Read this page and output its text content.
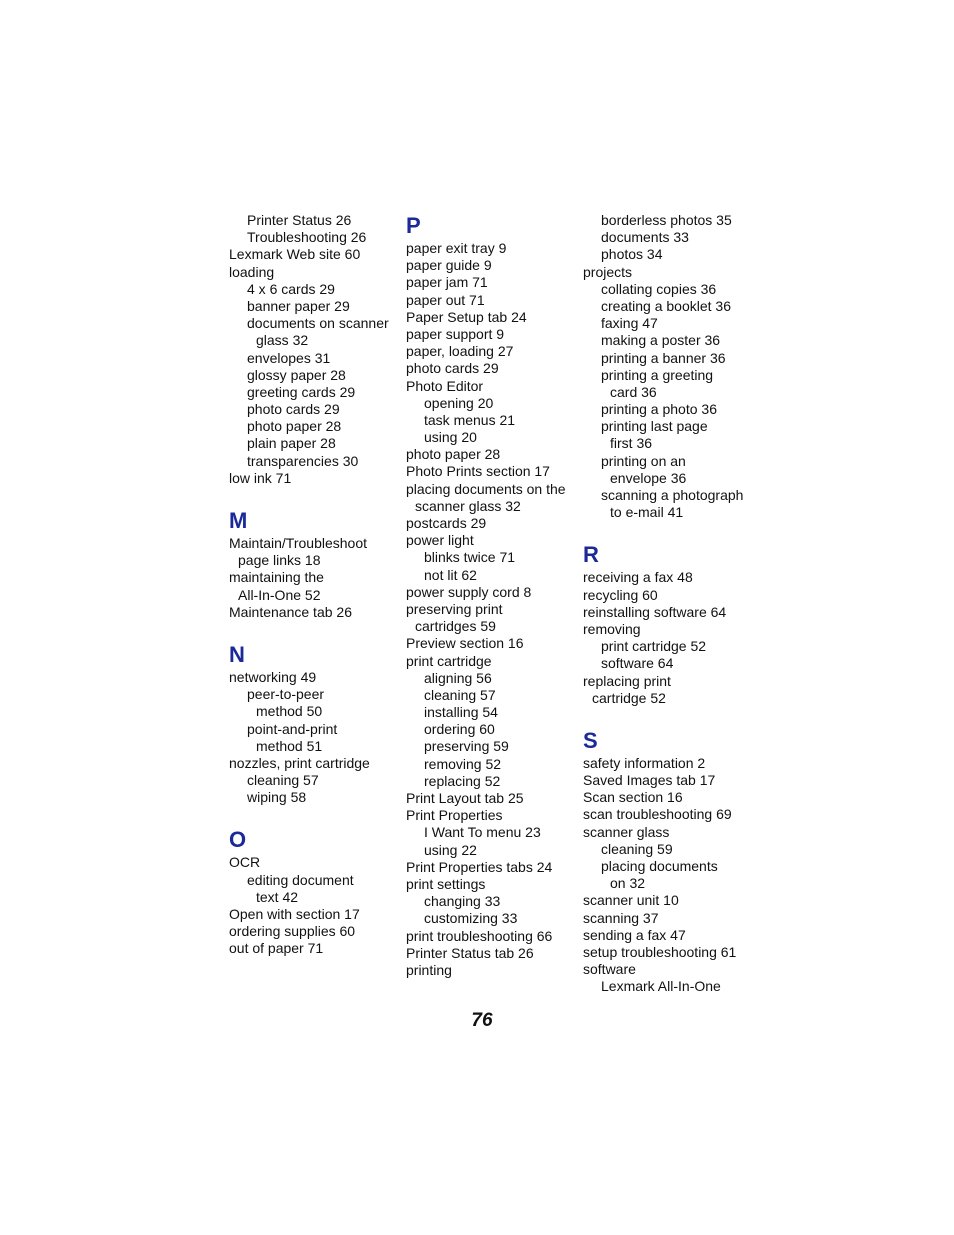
Printer Status 26
Troubleshooting 26
Lexmark Web site 60
loading
4 x 6 cards 29
banner paper 29
documents on scanner
glass 32
envelopes 31
glossy paper 28
greeting cards 29
photo cards 29
photo paper 28
plain paper 28
transparencies 30
low ink 71
M
Maintain/Troubleshoot
page links 18
maintaining the
All-In-One 52
Maintenance tab 26
N
networking 49
peer-to-peer
method 50
point-and-print
method 51
nozzles, print cartridge
cleaning 57
wiping 58
O
OCR
editing document
text 42
Open with section 17
ordering supplies 60
out of paper 71
P
paper exit tray 9
paper guide 9
paper jam 71
paper out 71
Paper Setup tab 24
paper support 9
paper, loading 27
photo cards 29
Photo Editor
opening 20
task menus 21
using 20
photo paper 28
Photo Prints section 17
placing documents on the
scanner glass 32
postcards 29
power light
blinks twice 71
not lit 62
power supply cord 8
preserving print
cartridges 59
Preview section 16
print cartridge
aligning 56
cleaning 57
installing 54
ordering 60
preserving 59
removing 52
replacing 52
Print Layout tab 25
Print Properties
I Want To menu 23
using 22
Print Properties tabs 24
print settings
changing 33
customizing 33
print troubleshooting 66
Printer Status tab 26
printing
borderless photos 35
documents 33
photos 34
projects
collating copies 36
creating a booklet 36
faxing 47
making a poster 36
printing a banner 36
printing a greeting
card 36
printing a photo 36
printing last page
first 36
printing on an
envelope 36
scanning a photograph
to e-mail 41
R
receiving a fax 48
recycling 60
reinstalling software 64
removing
print cartridge 52
software 64
replacing print
cartridge 52
S
safety information 2
Saved Images tab 17
Scan section 16
scan troubleshooting 69
scanner glass
cleaning 59
placing documents
on 32
scanner unit 10
scanning 37
sending a fax 47
setup troubleshooting 61
software
Lexmark All-In-One
76
